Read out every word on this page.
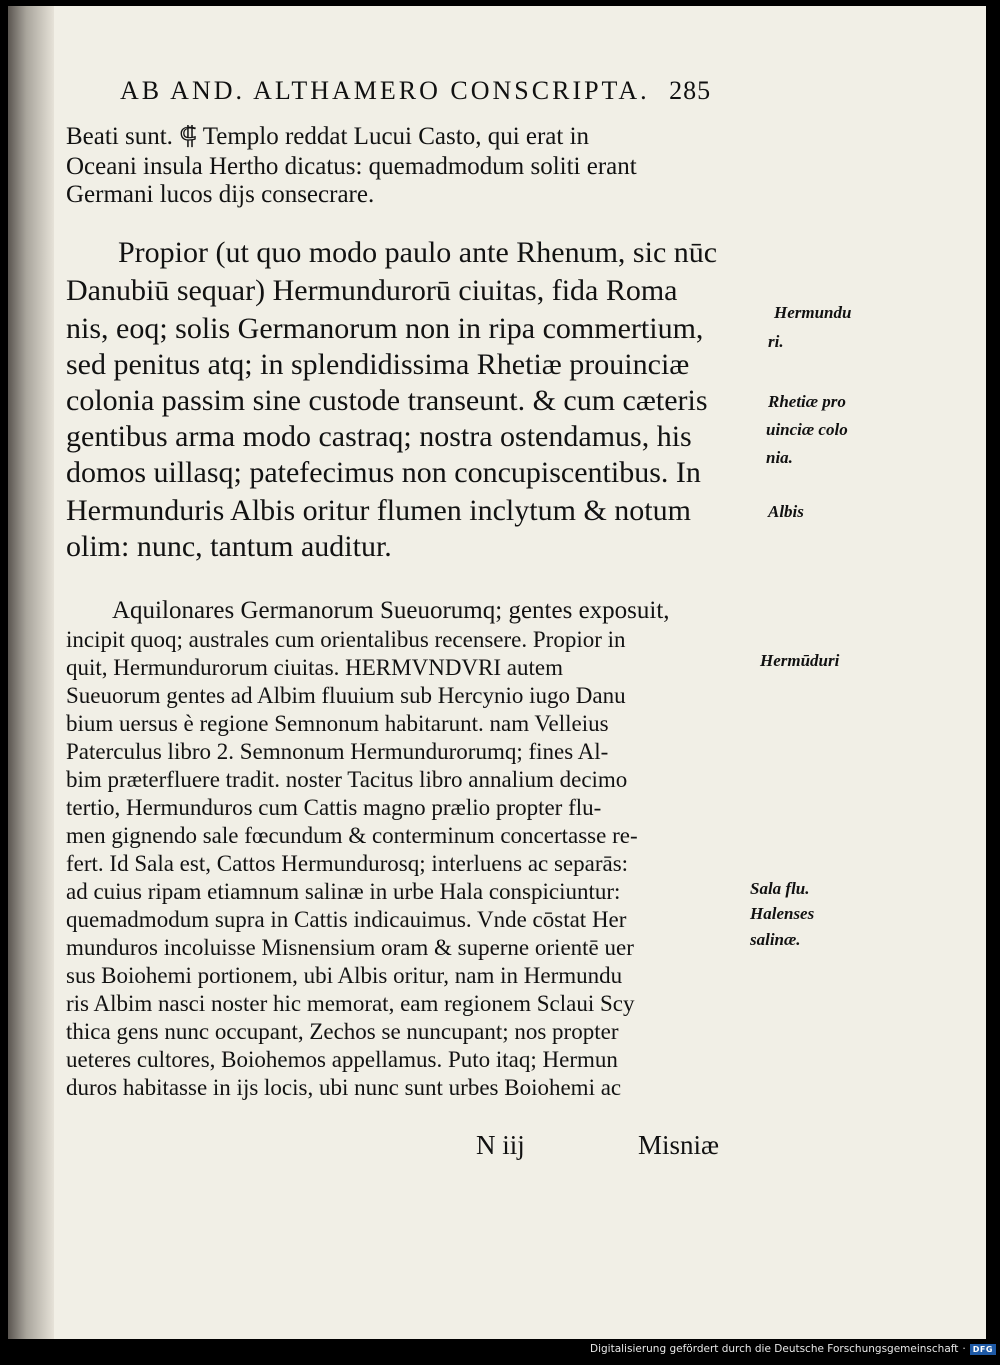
AB AND. ALTHAMERO CONSCRIPTA. 285
Beati sunt. ⸿ Templo reddat Lucui Casto, qui erat in
Oceani insula Hertho dicatus: quemadmodum soliti erant
Germani lucos dijs consecrare.
Propior (ut quo modo paulo ante Rhenum, sic nūc
Danubiū sequar) Hermundurorū ciuitas, fida Roma
nis, eoq; solis Germanorum non in ripa commertium,
sed penitus atq; in splendidissima Rhetiæ prouinciæ
colonia passim sine custode transeunt. & cum cæteris
gentibus arma modo castraq; nostra ostendamus, his
domos uillasq; patefecimus non concupiscentibus. In
Hermunduris Albis oritur flumen inclytum & notum
olim: nunc, tantum auditur.
Aquilonares Germanorum Sueuorumq; gentes exposuit,
incipit quoq; australes cum orientalibus recensere. Propior in
quit, Hermundurorum ciuitas. HERMVNDVRI autem
Sueuorum gentes ad Albim fluuium sub Hercynio iugo Danu
bium uersus è regione Semnonum habitarunt. nam Velleius
Paterculus libro 2. Semnonum Hermundurorumq; fines Al-
bim præterfluere tradit. noster Tacitus libro annalium decimo
tertio, Hermunduros cum Cattis magno prælio propter flu-
men gignendo sale fœcundum & conterminum concertasse re-
fert. Id Sala est, Cattos Hermundurosq; interluens ac separās:
ad cuius ripam etiamnum salinæ in urbe Hala conspiciuntur:
quemadmodum supra in Cattis indicauimus. Vnde cōstat Her
munduros incoluisse Misnensium oram & superne orientē uer
sus Boiohemi portionem, ubi Albis oritur, nam in Hermundu
ris Albim nasci noster hic memorat, eam regionem Sclaui Scy
thica gens nunc occupant, Zechos se nuncupant; nos propter
ueteres cultores, Boiohemos appellamus. Puto itaq; Hermun
duros habitasse in ijs locis, ubi nunc sunt urbes Boiohemi ac
Hermundu
ri.
Rhetiæ pro
uinciæ colo
nia.
Albis
Hermūduri
Sala flu.
Halenses
salinæ.
N iij	Misniæ
Digitalisierung gefördert durch die Deutsche Forschungsgemeinschaft · DFG
